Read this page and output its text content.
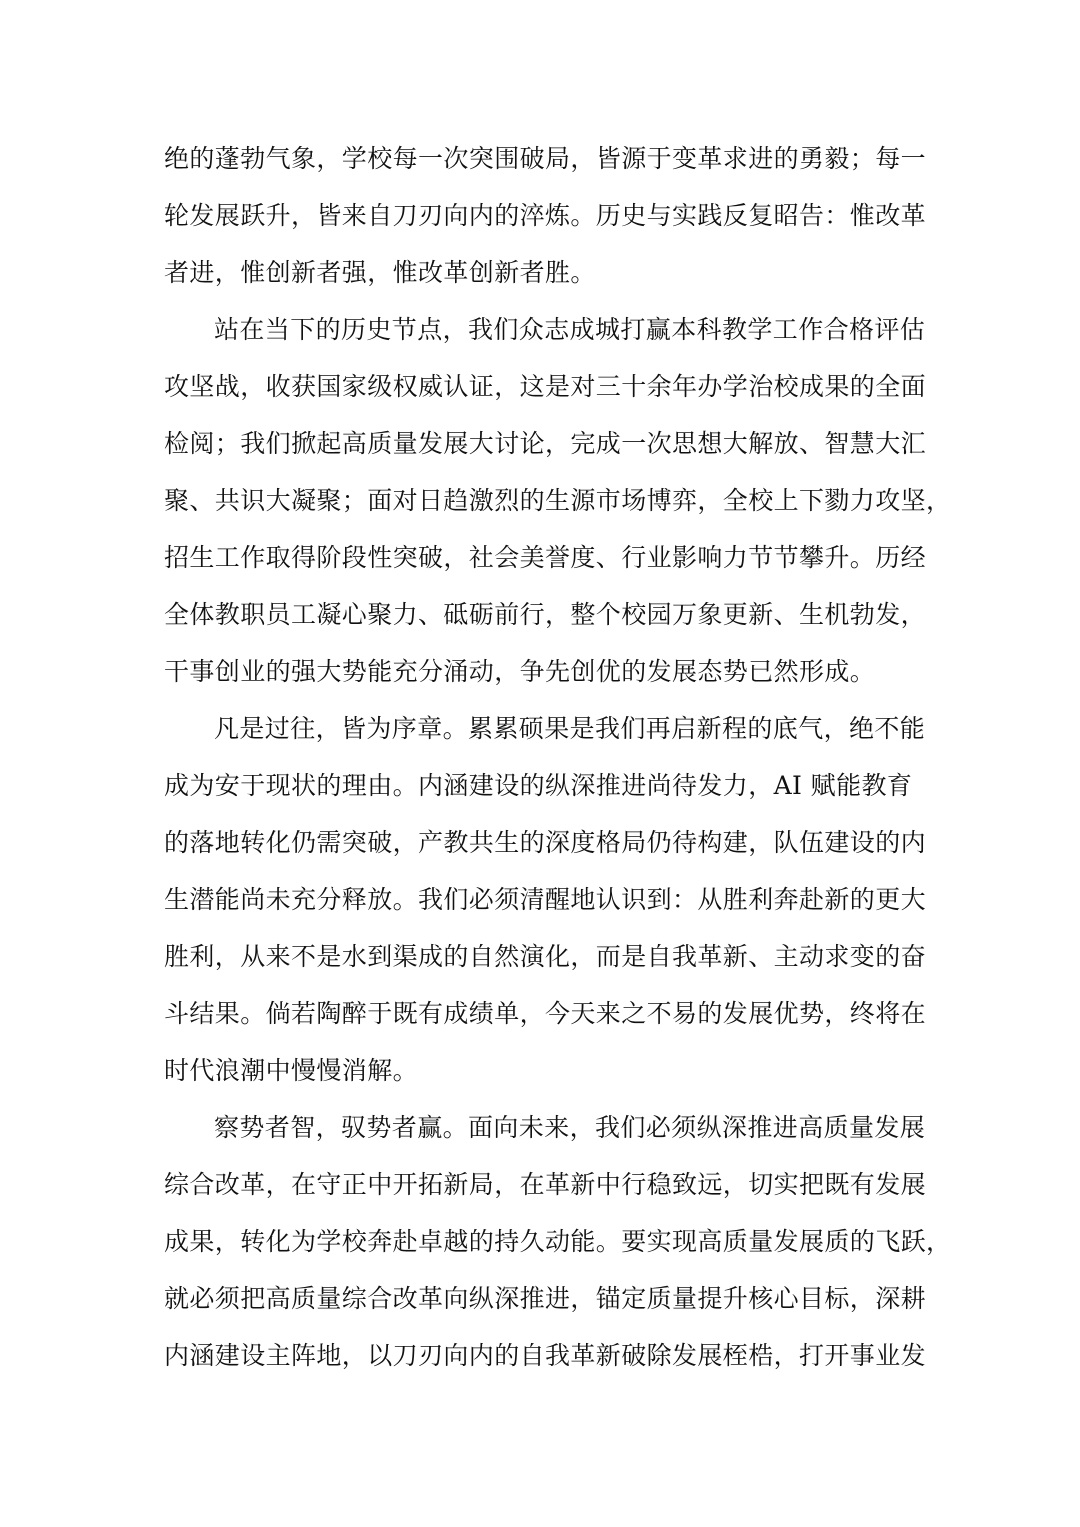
绝的蓬勃气象，学校每一次突围破局，皆源于变革求进的勇毅；每一

轮发展跃升，皆来自刀刃向内的淬炼。历史与实践反复昭告：惟改革

者进，惟创新者强，惟改革创新者胜。

站在当下的历史节点，我们众志成城打赢本科教学工作合格评估

攻坚战，收获国家级权威认证，这是对三十余年办学治校成果的全面

检阅；我们掀起高质量发展大讨论，完成一次思想大解放、智慧大汇

聚、共识大凝聚；面对日趋激烈的生源市场博弈，全校上下勠力攻坚，

招生工作取得阶段性突破，社会美誉度、行业影响力节节攀升。历经

全体教职员工凝心聚力、砥砺前行，整个校园万象更新、生机勃发，

干事创业的强大势能充分涌动，争先创优的发展态势已然形成。

凡是过往，皆为序章。累累硕果是我们再启新程的底气，绝不能

成为安于现状的理由。内涵建设的纵深推进尚待发力，AI 赋能教育

的落地转化仍需突破，产教共生的深度格局仍待构建，队伍建设的内

生潜能尚未充分释放。我们必须清醒地认识到：从胜利奔赴新的更大

胜利，从来不是水到渠成的自然演化，而是自我革新、主动求变的奋

斗结果。倘若陶醉于既有成绩单，今天来之不易的发展优势，终将在

时代浪潮中慢慢消解。

察势者智，驭势者赢。面向未来，我们必须纵深推进高质量发展

综合改革，在守正中开拓新局，在革新中行稳致远，切实把既有发展

成果，转化为学校奔赴卓越的持久动能。要实现高质量发展质的飞跃，

就必须把高质量综合改革向纵深推进，锚定质量提升核心目标，深耕

内涵建设主阵地，以刀刃向内的自我革新破除发展桎梏，打开事业发
